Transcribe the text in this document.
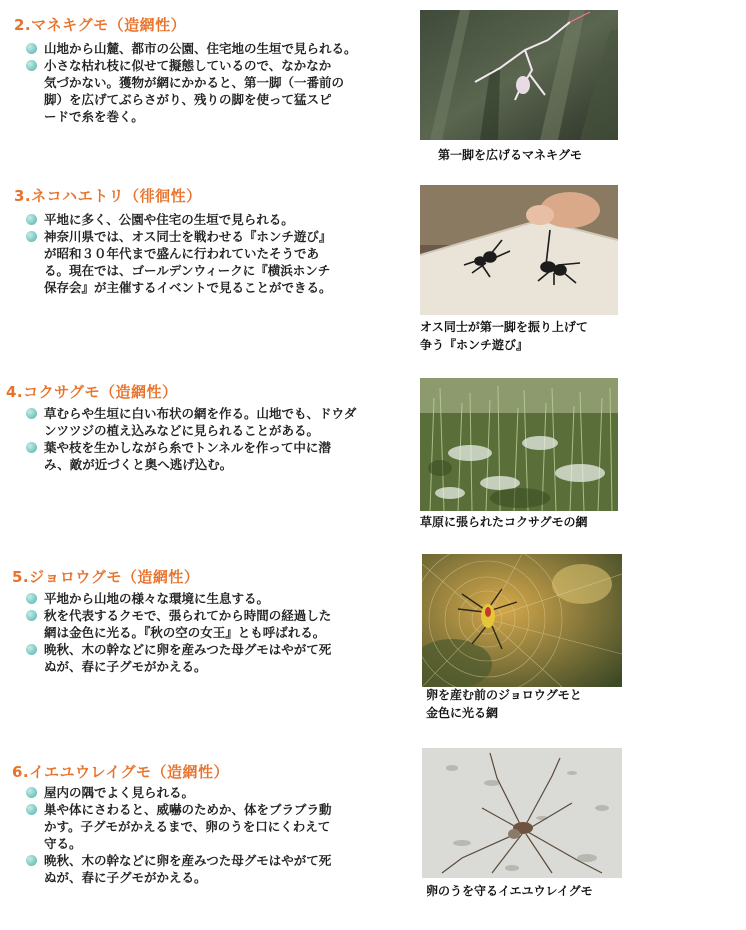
2.マネキグモ（造網性）
山地から山麓、都市の公園、住宅地の生垣で見られる。
小さな枯れ枝に似せて擬態しているので、なかなか
気づかない。獲物が網にかかると、第一脚（一番前の
脚）を広げてぶらさがり、残りの脚を使って猛スピ
ードで糸を巻く。
第一脚を広げるマネキグモ
3.ネコハエトリ（徘徊性）
平地に多く、公園や住宅の生垣で見られる。
神奈川県では、オス同士を戦わせる『ホンチ遊び』
が昭和３０年代まで盛んに行われていたそうであ
る。現在では、ゴールデンウィークに『横浜ホンチ
保存会』が主催するイベントで見ることができる。
オス同士が第一脚を振り上げて
争う『ホンチ遊び』
4.コクサグモ（造網性）
草むらや生垣に白い布状の網を作る。山地でも、ドウダ
ンツツジの植え込みなどに見られることがある。
葉や枝を生かしながら糸でトンネルを作って中に潜
み、敵が近づくと奥へ逃げ込む。
草原に張られたコクサグモの網
5.ジョロウグモ（造網性）
平地から山地の様々な環境に生息する。
秋を代表するクモで、張られてから時間の経過した
網は金色に光る。『秋の空の女王』とも呼ばれる。
晩秋、木の幹などに卵を産みつた母グモはやがて死
ぬが、春に子グモがかえる。
卵を産む前のジョロウグモと
金色に光る網
6.イエユウレイグモ（造網性）
屋内の隅でよく見られる。
巣や体にさわると、威嚇のためか、体をブラブラ動
かす。子グモがかえるまで、卵のうを口にくわえて
守る。
晩秋、木の幹などに卵を産みつた母グモはやがて死
ぬが、春に子グモがかえる。
卵のうを守るイエユウレイグモ
